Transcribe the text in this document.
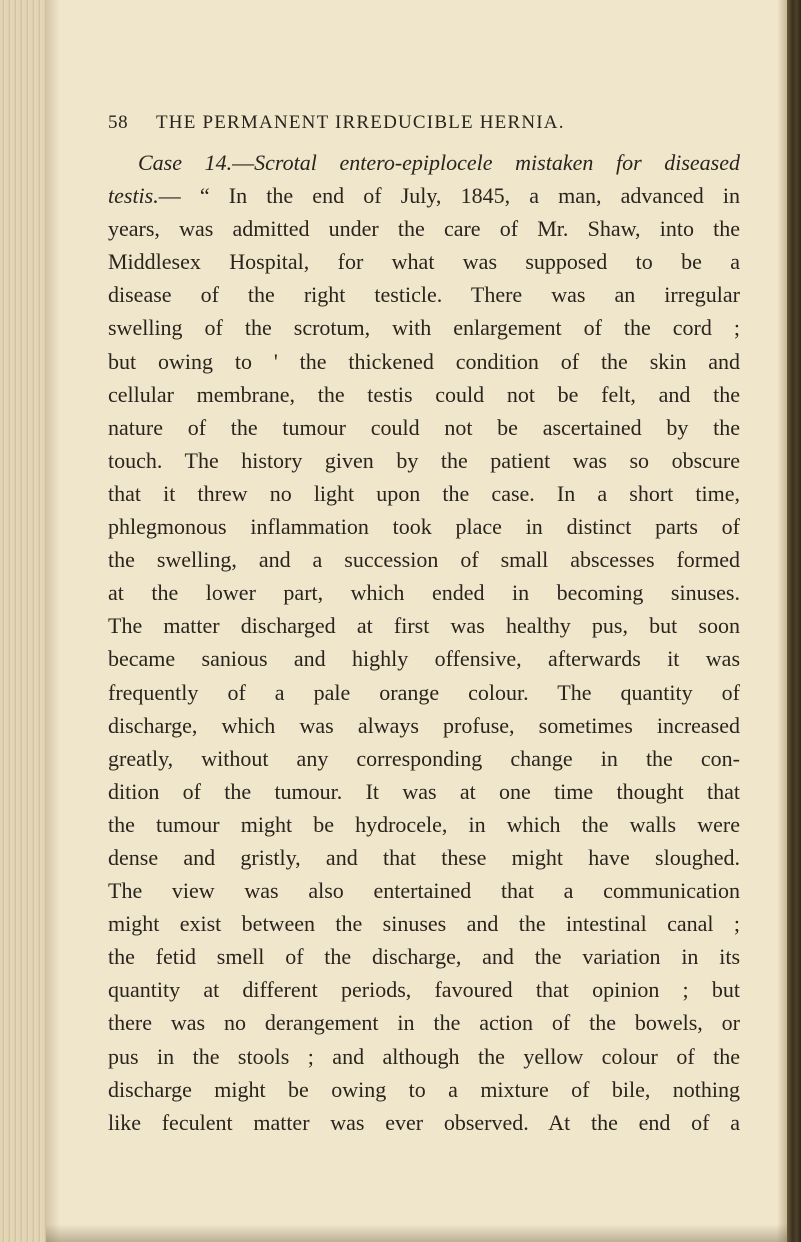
58	THE PERMANENT IRREDUCIBLE HERNIA.
Case 14.—Scrotal entero-epiplocele mistaken for diseased
testis.— “ In the end of July, 1845, a man, advanced in
years, was admitted under the care of Mr. Shaw, into the
Middlesex Hospital, for what was supposed to be a
disease of the right testicle. There was an irregular
swelling of the scrotum, with enlargement of the cord ;
but owing to ' the thickened condition of the skin and
cellular membrane, the testis could not be felt, and the
nature of the tumour could not be ascertained by the
touch. The history given by the patient was so obscure
that it threw no light upon the case. In a short time,
phlegmonous inflammation took place in distinct parts of
the swelling, and a succession of small abscesses formed
at the lower part, which ended in becoming sinuses.
The matter discharged at first was healthy pus, but soon
became sanious and highly offensive, afterwards it was
frequently of a pale orange colour. The quantity of
discharge, which was always profuse, sometimes increased
greatly, without any corresponding change in the con-
dition of the tumour. It was at one time thought that
the tumour might be hydrocele, in which the walls were
dense and gristly, and that these might have sloughed.
The view was also entertained that a communication
might exist between the sinuses and the intestinal canal ;
the fetid smell of the discharge, and the variation in its
quantity at different periods, favoured that opinion ; but
there was no derangement in the action of the bowels, or
pus in the stools ; and although the yellow colour of the
discharge might be owing to a mixture of bile, nothing
like feculent matter was ever observed. At the end of a
